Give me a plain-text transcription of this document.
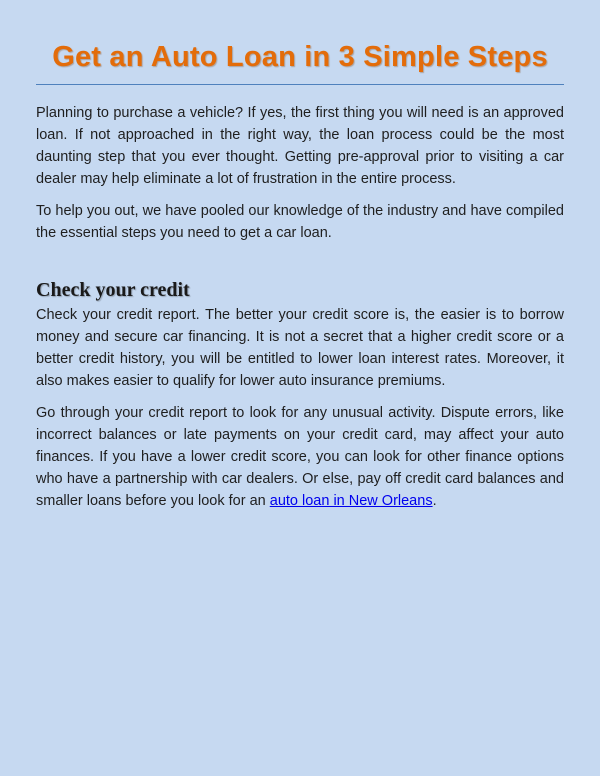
Get an Auto Loan in 3 Simple Steps

Planning to purchase a vehicle? If yes, the first thing you will need is an approved loan. If not approached in the right way, the loan process could be the most daunting step that you ever thought. Getting pre-approval prior to visiting a car dealer may help eliminate a lot of frustration in the entire process.

To help you out, we have pooled our knowledge of the industry and have compiled the essential steps you need to get a car loan.

Check your credit

Check your credit report. The better your credit score is, the easier is to borrow money and secure car financing. It is not a secret that a higher credit score or a better credit history, you will be entitled to lower loan interest rates. Moreover, it also makes easier to qualify for lower auto insurance premiums.

Go through your credit report to look for any unusual activity. Dispute errors, like incorrect balances or late payments on your credit card, may affect your auto finances. If you have a lower credit score, you can look for other finance options who have a partnership with car dealers. Or else, pay off credit card balances and smaller loans before you look for an auto loan in New Orleans.
